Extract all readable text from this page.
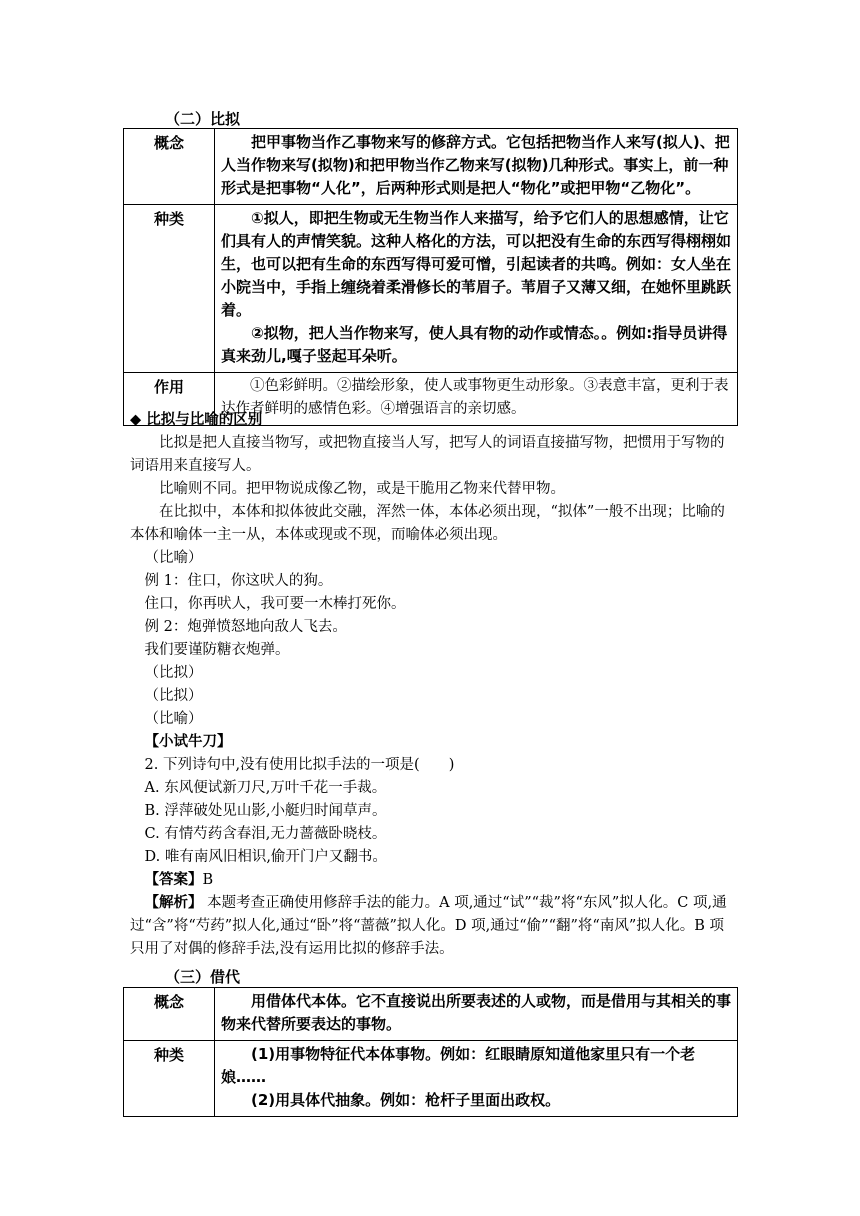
（二）比拟
概念	把甲事物当作乙事物来写的修辞方式。它包括把物当作人来写(拟人)、把人当作物来写(拟物)和把甲物当作乙物来写(拟物)几种形式。事实上，前一种形式是把事物“人化”，后两种形式则是把人“物化”或把甲物“乙物化”。

种类	①拟人，即把生物或无生物当作人来描写，给予它们人的思想感情，让它们具有人的声情笑貌。这种人格化的方法，可以把没有生命的东西写得栩栩如生，也可以把有生命的东西写得可爱可憎，引起读者的共鸣。例如：女人坐在小院当中，手指上缠绕着柔滑修长的苇眉子。苇眉子又薄又细，在她怀里跳跃着。

②拟物，把人当作物来写，使人具有物的动作或情态。。例如:指导员讲得真来劲儿,嘎子竖起耳朵听。

作用	①色彩鲜明。②描绘形象，使人或事物更生动形象。③表意丰富，更利于表达作者鲜明的感情色彩。④增强语言的亲切感。

◆ 比拟与比喻的区别

比拟是把人直接当物写，或把物直接当人写，把写人的词语直接描写物，把惯用于写物的词语用来直接写人。

比喻则不同。把甲物说成像乙物，或是干脆用乙物来代替甲物。

在比拟中，本体和拟体彼此交融，浑然一体，本体必须出现，“拟体”一般不出现；比喻的本体和喻体一主一从，本体或现或不现，而喻体必须出现。

（比喻）

例 1：住口，你这吠人的狗。

住口，你再吠人，我可要一木棒打死你。

例 2：炮弹愤怒地向敌人飞去。

我们要谨防糖衣炮弹。

（比拟）

（比拟）

（比喻）

【小试牛刀】

2. 下列诗句中,没有使用比拟手法的一项是(　　)

A. 东风便试新刀尺,万叶千花一手裁。

B. 浮萍破处见山影,小艇归时闻草声。

C. 有情芍药含春泪,无力蔷薇卧晓枝。

D. 唯有南风旧相识,偷开门户又翻书。

【答案】B

【解析】 本题考查正确使用修辞手法的能力。A 项,通过“试”“裁”将“东风”拟人化。C 项,通过“含”将“芍药”拟人化,通过“卧”将“蔷薇”拟人化。D 项,通过“偷”“翻”将“南风”拟人化。B 项只用了对偶的修辞手法,没有运用比拟的修辞手法。

（三）借代
概念	用借体代本体。它不直接说出所要表述的人或物，而是借用与其相关的事物来代替所要表达的事物。

种类	(1)用事物特征代本体事物。例如：红眼睛原知道他家里只有一个老娘……

(2)用具体代抽象。例如：枪杆子里面出政权。
